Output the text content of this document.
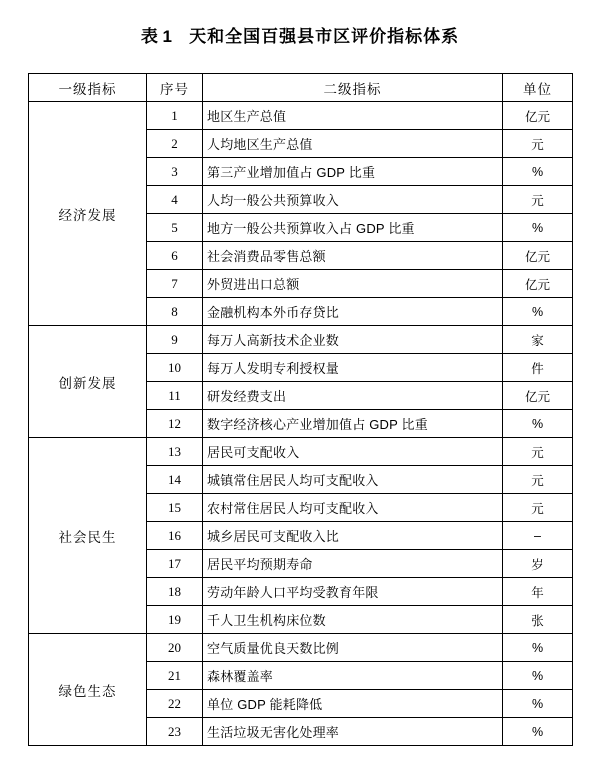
表 1 天和全国百强县市区评价指标体系
一级指标	序号	二级指标	单位
经济发展	1	地区生产总值	亿元
	2	人均地区生产总值	元
	3	第三产业增加值占 GDP 比重	%
	4	人均一般公共预算收入	元
	5	地方一般公共预算收入占 GDP 比重	%
	6	社会消费品零售总额	亿元
	7	外贸进出口总额	亿元
	8	金融机构本外币存贷比	%
创新发展	9	每万人高新技术企业数	家
	10	每万人发明专利授权量	件
	11	研发经费支出	亿元
	12	数字经济核心产业增加值占 GDP 比重	%
社会民生	13	居民可支配收入	元
	14	城镇常住居民人均可支配收入	元
	15	农村常住居民人均可支配收入	元
	16	城乡居民可支配收入比	–
	17	居民平均预期寿命	岁
	18	劳动年龄人口平均受教育年限	年
	19	千人卫生机构床位数	张
绿色生态	20	空气质量优良天数比例	%
	21	森林覆盖率	%
	22	单位 GDP 能耗降低	%
	23	生活垃圾无害化处理率	%
